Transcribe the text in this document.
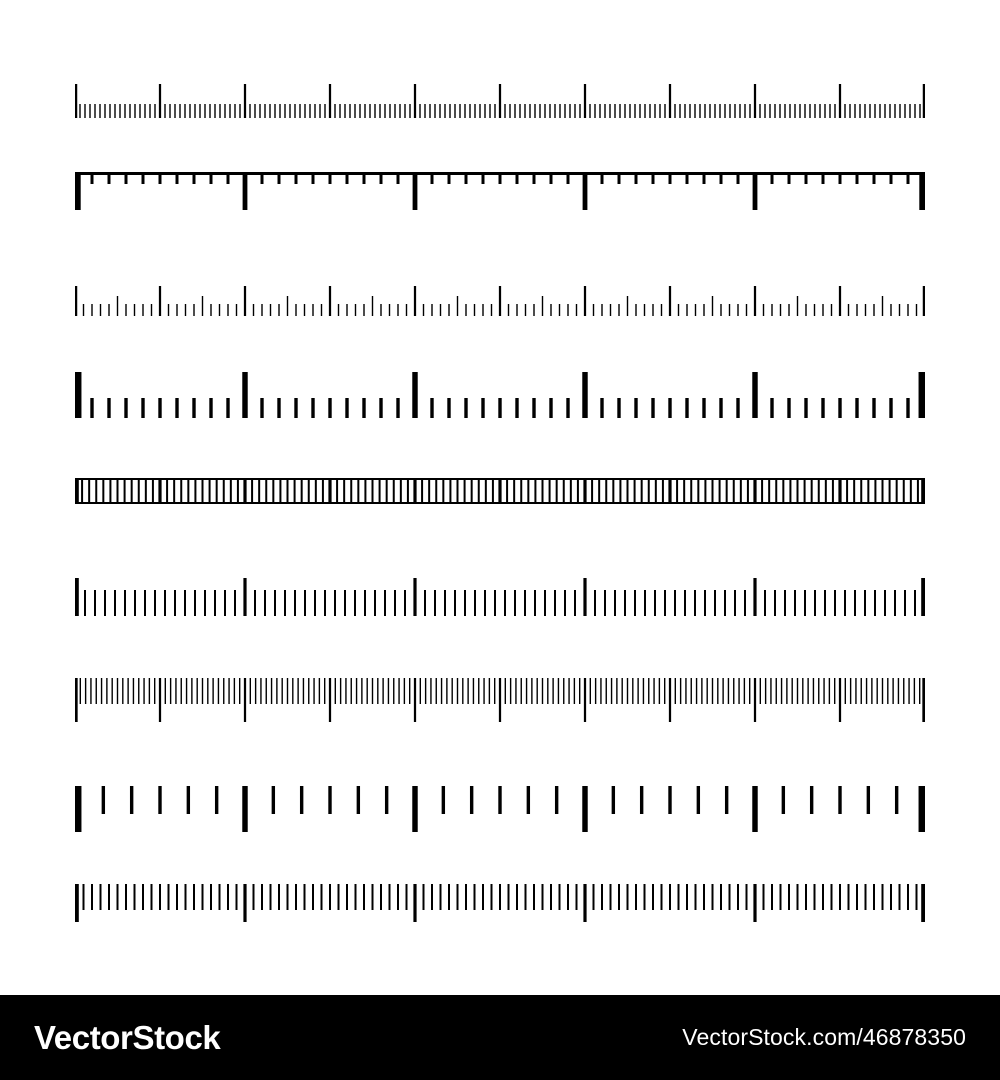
VectorStock	VectorStock.com/46878350
